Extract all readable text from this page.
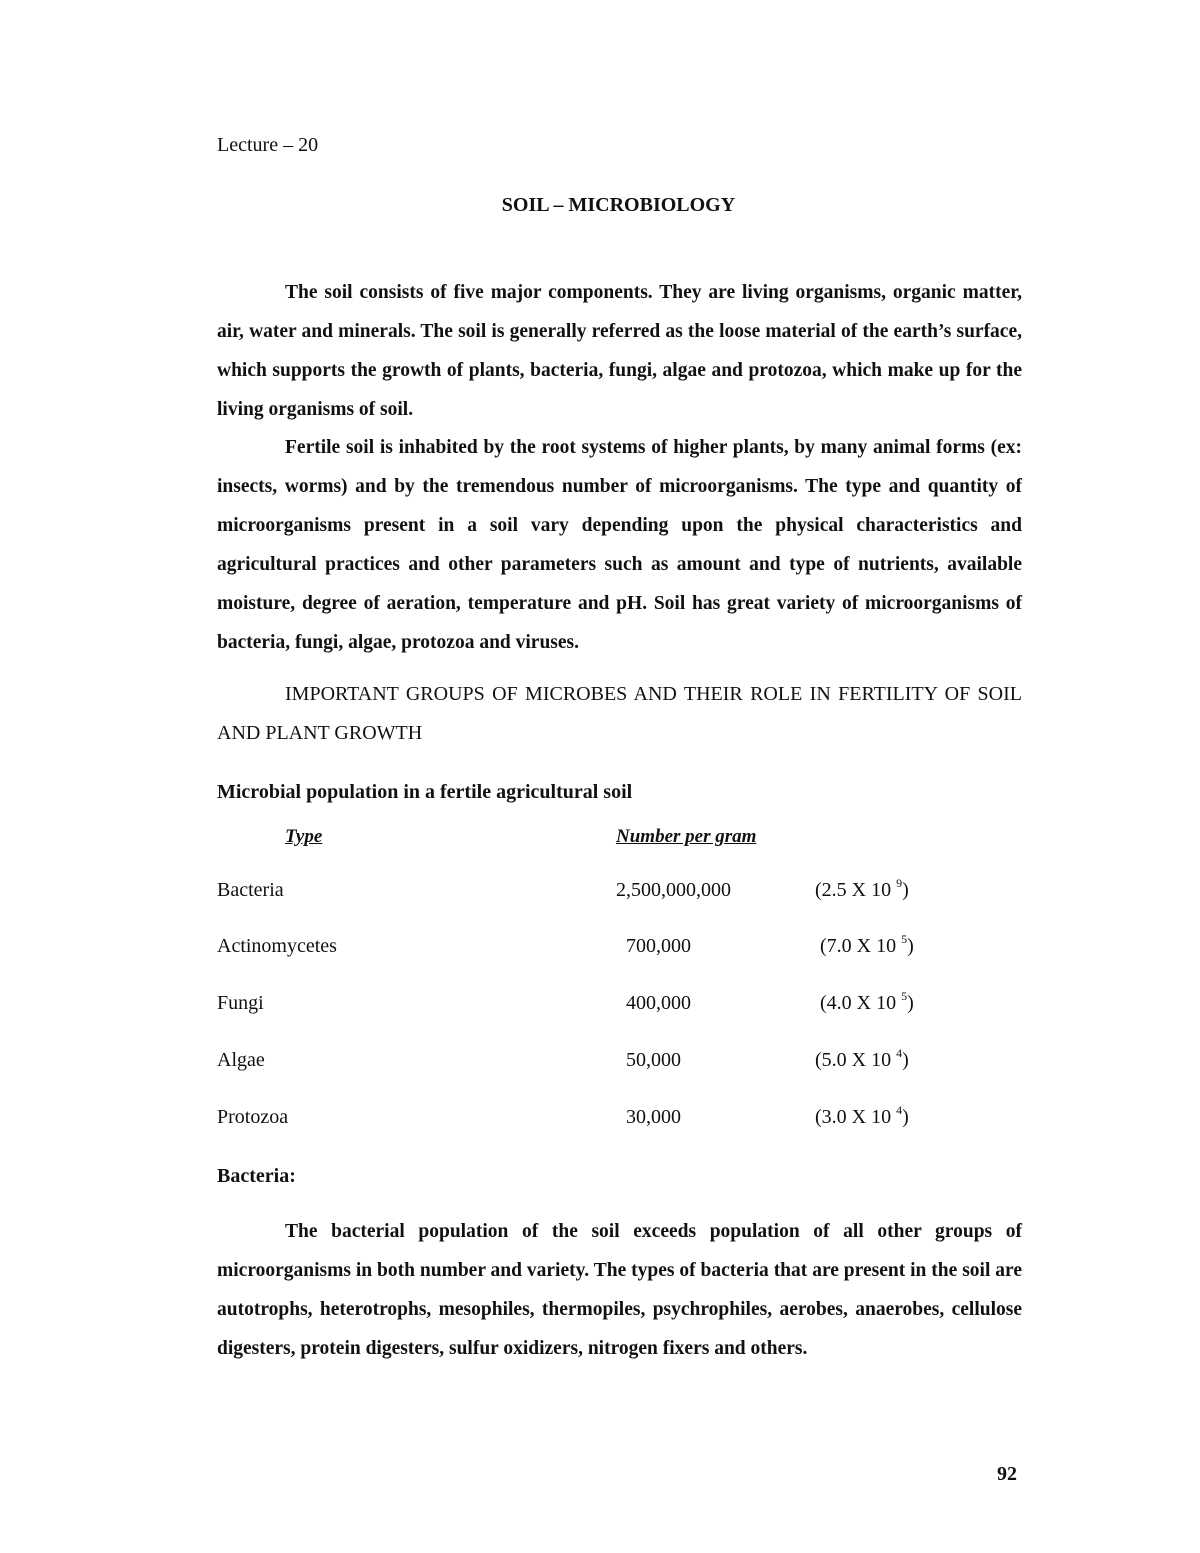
Lecture – 20
SOIL – MICROBIOLOGY

The soil consists of five major components. They are living organisms, organic matter, air, water and minerals. The soil is generally referred as the loose material of the earth’s surface, which supports the growth of plants, bacteria, fungi, algae and protozoa, which make up for the living organisms of soil.

Fertile soil is inhabited by the root systems of higher plants, by many animal forms (ex: insects, worms) and by the tremendous number of microorganisms. The type and quantity of microorganisms present in a soil vary depending upon the physical characteristics and agricultural practices and other parameters such as amount and type of nutrients, available moisture, degree of aeration, temperature and pH. Soil has great variety of microorganisms of bacteria, fungi, algae, protozoa and viruses.

IMPORTANT GROUPS OF MICROBES AND THEIR ROLE IN FERTILITY OF SOIL AND PLANT GROWTH

Microbial population in a fertile agricultural soil
Type	Number per gram
Bacteria	2,500,000,000	(2.5 X 10 $^9$)
Actinomycetes	700,000	(7.0 X 10 $^5$)
Fungi	400,000	(4.0 X 10 $^5$)
Algae	50,000	(5.0 X 10 $^4$)
Protozoa	30,000	(3.0 X 10 $^4$)
Bacteria:

The bacterial population of the soil exceeds population of all other groups of microorganisms in both number and variety. The types of bacteria that are present in the soil are autotrophs, heterotrophs, mesophiles, thermopiles, psychrophiles, aerobes, anaerobes, cellulose digesters, protein digesters, sulfur oxidizers, nitrogen fixers and others.

92
